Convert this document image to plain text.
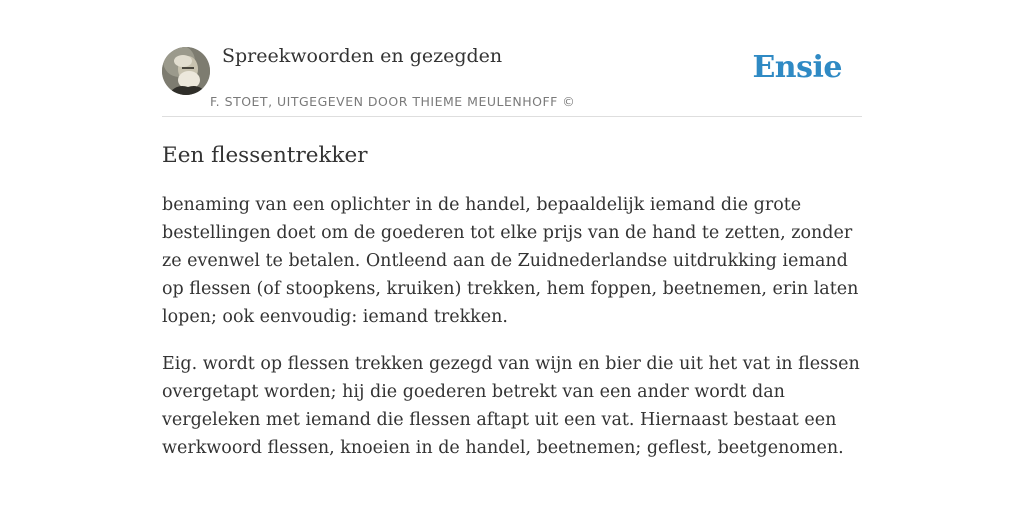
Spreekwoorden en gezegden
F. STOET, UITGEGEVEN DOOR THIEME MEULENHOFF ©
Ensie
Een flessentrekker

benaming van een oplichter in de handel, bepaaldelijk iemand die grote bestellingen doet om de goederen tot elke prijs van de hand te zetten, zonder ze evenwel te betalen. Ontleend aan de Zuidnederlandse uitdrukking iemand op flessen (of stoopkens, kruiken) trekken, hem foppen, beetnemen, erin laten lopen; ook eenvoudig: iemand trekken.

Eig. wordt op flessen trekken gezegd van wijn en bier die uit het vat in flessen overgetapt worden; hij die goederen betrekt van een ander wordt dan vergeleken met iemand die flessen aftapt uit een vat. Hiernaast bestaat een werkwoord flessen, knoeien in de handel, beetnemen; geflest, beetgenomen.
